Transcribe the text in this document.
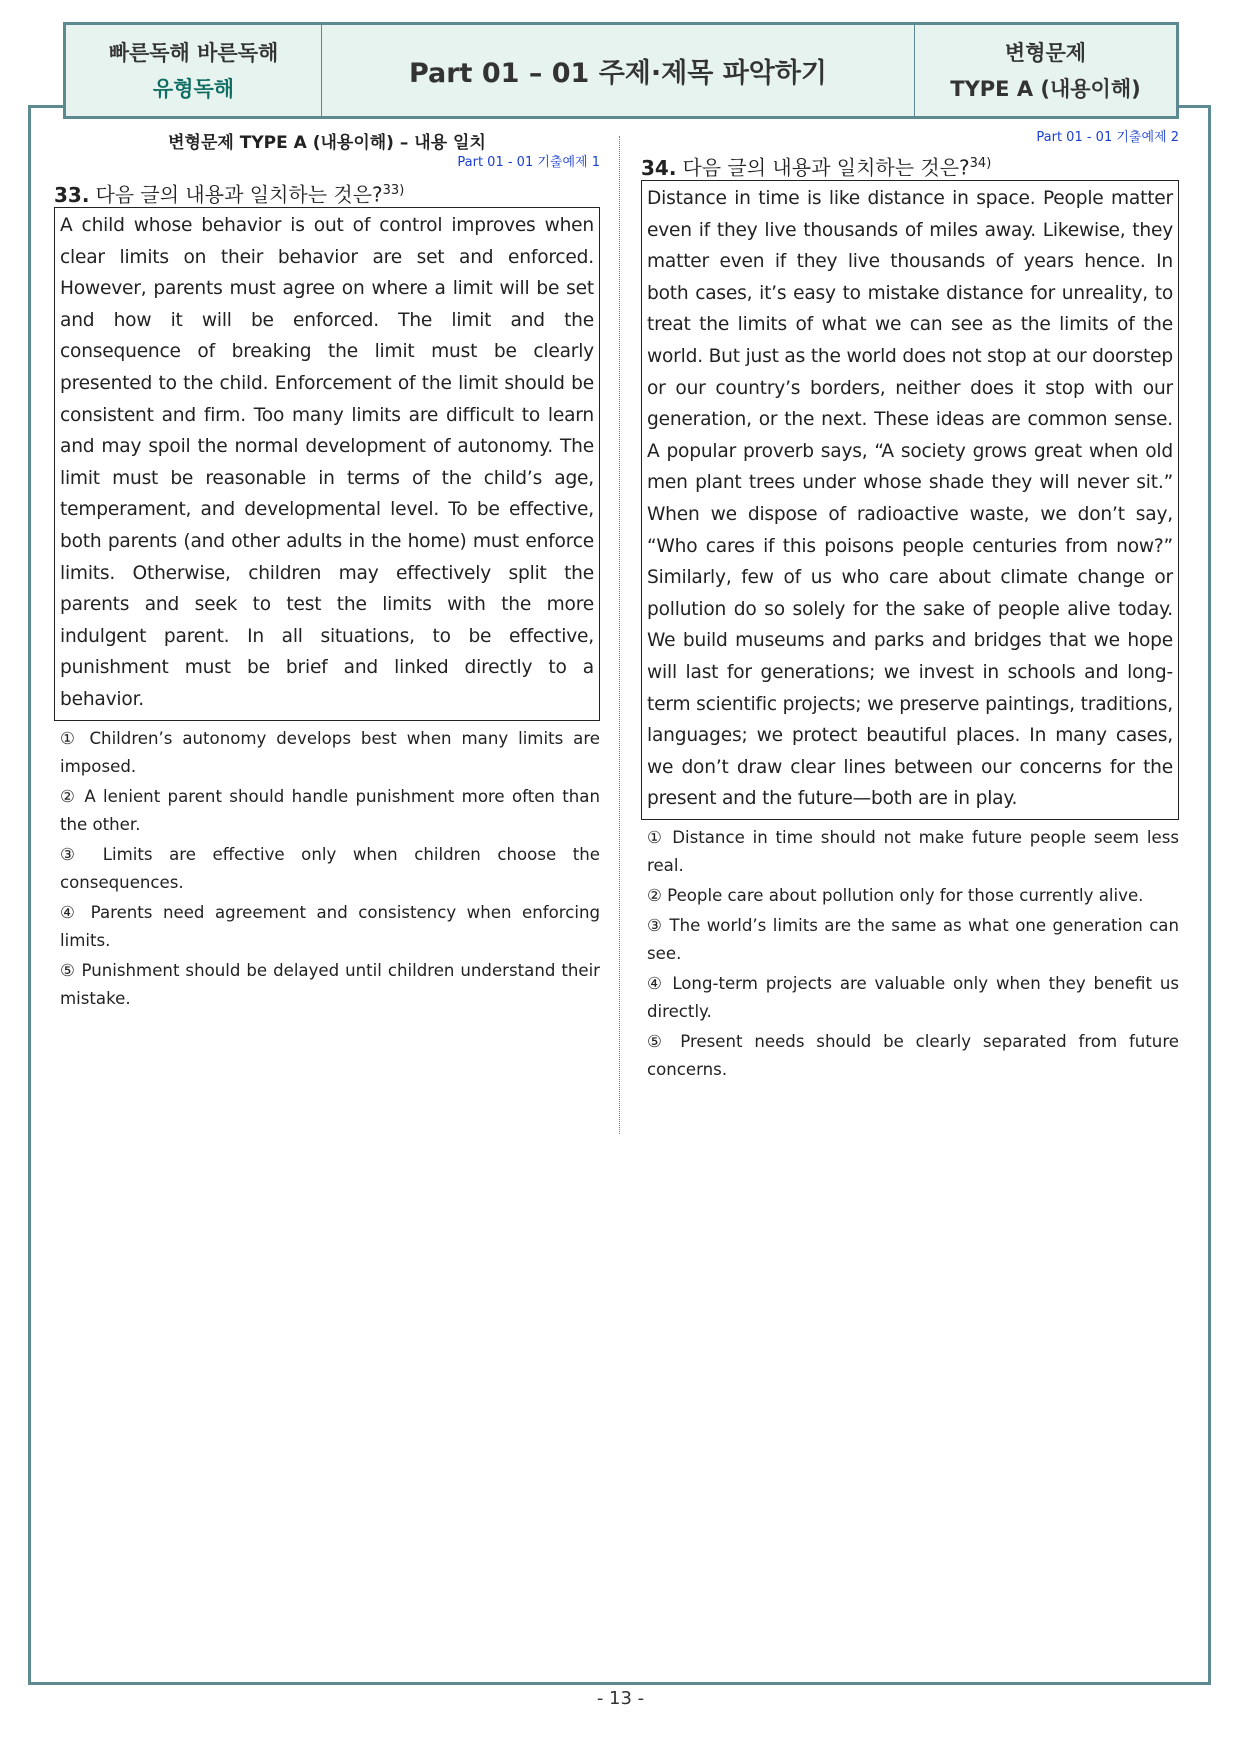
빠른독해 바른독해
유형독해	Part 01 – 01 주제·제목 파악하기
변형문제
TYPE A (내용이해)
변형문제 TYPE A (내용이해) – 내용 일치
Part 01 - 01 기출예제 1
33. 다음 글의 내용과 일치하는 것은?$^{33)}$
A child whose behavior is out of control improves when clear limits on their behavior are set and enforced. However, parents must agree on where a limit will be set and how it will be enforced. The limit and the consequence of breaking the limit must be clearly presented to the child. Enforcement of the limit should be consistent and firm. Too many limits are difficult to learn and may spoil the normal development of autonomy. The limit must be reasonable in terms of the child’s age, temperament, and developmental level. To be effective, both parents (and other adults in the home) must enforce limits. Otherwise, children may effectively split the parents and seek to test the limits with the more indulgent parent. In all situations, to be effective, punishment must be brief and linked directly to a behavior.
① Children’s autonomy develops best when many limits are imposed.
② A lenient parent should handle punishment more often than the other.
③ Limits are effective only when children choose the consequences.
④ Parents need agreement and consistency when enforcing limits.
⑤ Punishment should be delayed until children understand their mistake.
Part 01 - 01 기출예제 2
34. 다음 글의 내용과 일치하는 것은?$^{34)}$
Distance in time is like distance in space. People matter even if they live thousands of miles away. Likewise, they matter even if they live thousands of years hence. In both cases, it’s easy to mistake distance for unreality, to treat the limits of what we can see as the limits of the world. But just as the world does not stop at our doorstep or our country’s borders, neither does it stop with our generation, or the next. These ideas are common sense. A popular proverb says, “A society grows great when old men plant trees under whose shade they will never sit.” When we dispose of radioactive waste, we don’t say, “Who cares if this poisons people centuries from now?” Similarly, few of us who care about climate change or pollution do so solely for the sake of people alive today. We build museums and parks and bridges that we hope will last for generations; we invest in schools and long-term scientific projects; we preserve paintings, traditions, languages; we protect beautiful places. In many cases, we don’t draw clear lines between our concerns for the present and the future—both are in play.
① Distance in time should not make future people seem less real.
② People care about pollution only for those currently alive.
③ The world’s limits are the same as what one generation can see.
④ Long-term projects are valuable only when they benefit us directly.
⑤ Present needs should be clearly separated from future concerns.
- 13 -
